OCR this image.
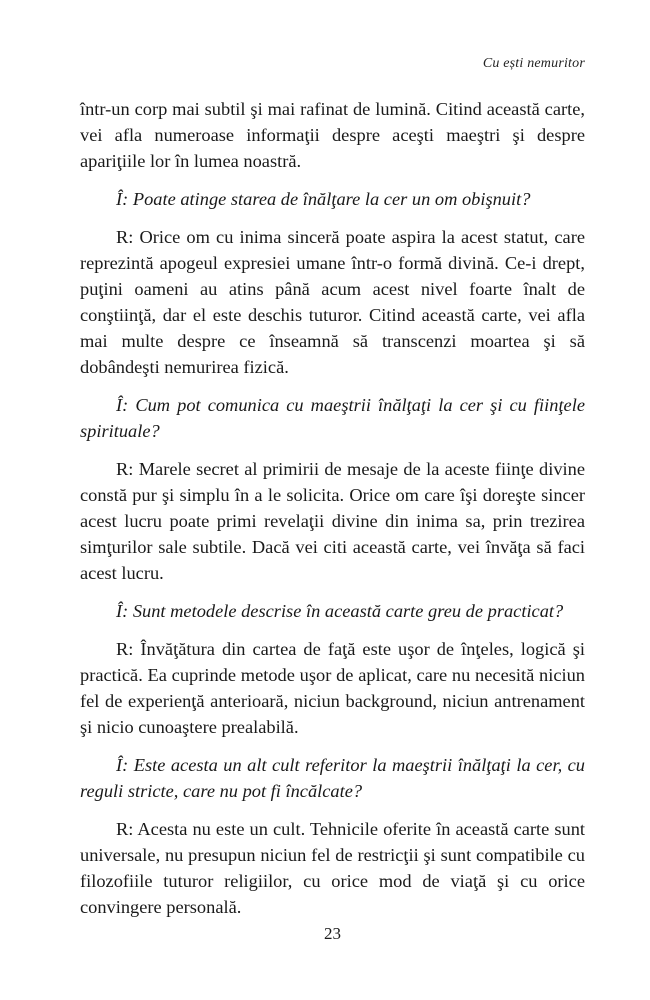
Cu ești nemuritor

într-un corp mai subtil şi mai rafinat de lumină. Citind această carte, vei afla numeroase informaţii despre aceşti maeştri şi despre apariţiile lor în lumea noastră.

Î: Poate atinge starea de înălţare la cer un om obişnuit?

R: Orice om cu inima sinceră poate aspira la acest statut, care reprezintă apogeul expresiei umane într-o formă divină. Ce-i drept, puţini oameni au atins până acum acest nivel foarte înalt de conştiinţă, dar el este deschis tuturor. Citind această carte, vei afla mai multe despre ce înseamnă să transcenzi moartea şi să dobândeşti nemurirea fizică.

Î: Cum pot comunica cu maeştrii înălţaţi la cer şi cu fiinţele spirituale?

R: Marele secret al primirii de mesaje de la aceste fiinţe divine constă pur şi simplu în a le solicita. Orice om care îşi doreşte sincer acest lucru poate primi revelaţii divine din inima sa, prin trezirea simţurilor sale subtile. Dacă vei citi această carte, vei învăţa să faci acest lucru.

Î: Sunt metodele descrise în această carte greu de practicat?

R: Învăţătura din cartea de faţă este uşor de înţeles, logică şi practică. Ea cuprinde metode uşor de aplicat, care nu necesită niciun fel de experienţă anterioară, niciun background, niciun antrenament şi nicio cunoaştere prealabilă.

Î: Este acesta un alt cult referitor la maeştrii înălţaţi la cer, cu reguli stricte, care nu pot fi încălcate?

R: Acesta nu este un cult. Tehnicile oferite în această carte sunt universale, nu presupun niciun fel de restricţii şi sunt compatibile cu filozofiile tuturor religiilor, cu orice mod de viaţă şi cu orice convingere personală.

23
